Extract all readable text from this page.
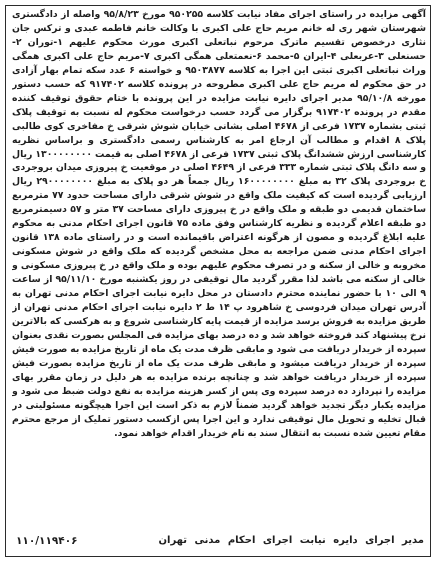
آگهی مزایده در راستای اجرای مفاد نیابت کلاسه ۹۵۰۲۵۵ مورخ ۹۵/۸/۲۳ واصله از دادگستری شهرستان شهر ری له خانم مریم حاج علی اکبری با وکالت خانم فاطمه عبدی و ترکس جان نثاری درخصوص تقسیم ماترک مرحوم نباتعلی اکبری مورث محکوم علیهم ۱-توران ۲-حسنعلی ۳-عربعلی ۴-ایران ۵-محمد ۶-نعمتعلی همگی اکبری ۷-مریم حاج علی اکبری همگی وراث نباتعلی اکبری ثبتی این اجرا به کلاسه ۹۵۰۳۸۷۷ و خواسته ۶ عدد سکه تمام بهار آزادی در حق محکوم له مریم حاج علی اکبری مطروحه در پرونده کلاسه ۹۱۷۴۰۲ که حسب دستور مورخه ۹۵/۱۰/۸ مدیر اجرای دایره نیابت مزایده در این پرونده با ختام حقوق توقیف کننده مقدم در پرونده ۹۱۷۴۰۲ برگزار می گردد حسب درخواست محکوم له نسبت به توقیف پلاک ثبتی بشماره ۱۷۳۷ فرعی از ۴۶۷۸ اصلی بشانی خیابان شوش شرقی خ مفاخری کوی طالبی پلاک ۸ اقدام و مطالب آن ارجاع امر به کارشناس رسمی دادگستری و براساس نظریه کارشناسی ارزش ششدانگ پلاک ثبتی ۱۷۳۷ فرعی از ۴۶۷۸ اصلی به قیمت ۱۳۰۰۰۰۰۰۰۰ ریال و سه دانگ پلاک ثبتی شماره ۳۳۳ فرعی از ۴۶۴۹ اصلی در موقعیت خ پیروزی میدان بروجردی خ بروجردی پلاک ۳۲ به مبلغ ۱۶۰۰۰۰۰۰۰۰ ریال جمعاً هر دو پلاک به مبلغ ۲۹۰۰۰۰۰۰۰۰ ریال ارزیابی گردیده است که کیفیت ملک واقع در شوش شرقی دارای مساحت حدود ۷۷ مترمربع ساختمان قدیمی دو طبقه و ملک واقع در خ پیروزی دارای مساحت ۳۷ متر و ۵۷ دسیمترمربع دو طبقه اعلام گردیده و نظریه کارشناس وفق ماده ۷۵ قانون اجرای احکام مدنی به محکوم علیه ابلاغ گردیده و مصون از هرگونه اعتراض باقیمانده است و در راستای ماده ۱۳۸ قانون اجرای احکام مدنی ضمن مراجعه به محل مشخص گردیده که ملک واقع در شوش مسکونی مخروبه و خالی از سکنه و در تصرف محکوم علیهم بوده و ملک واقع در خ پیروزی مسکونی و خالی از سکنه می باشد لذا مقرر گردید مال توقیفی در روز یکشنبه مورخ ۹۵/۱۱/۱۰ از ساعت ۹ الی ۱۰ با حضور نماینده محترم دادستان در محل دایره نیابت اجرای احکام مدنی تهران به آدرس تهران میدان فردوسی خ شاهرود پ ۱۴ ط ۲ دایره نیابت اجرای احکام مدنی تهران از طریق مزایده به فروش برسد مزایده از قیمت پایه کارشناسی شروع و به هرکسی که بالاترین نرخ پیشنهاد کند فروخته خواهد شد و ده درصد بهای مزایده فی المجلس بصورت نقدی بعنوان سپرده از خریدار دریافت می شود و مابقی ظرف مدت یک ماه از تاریخ مزایده به صورت فیش سپرده از خریدار دریافت میشود و مابقی ظرف مدت یک ماه از تاریخ مزایده بصورت فیش سپرده از خریدار دریافت خواهد شد و چنانچه برنده مزایده به هر دلیل در زمان مقرر بهای مزایده را نپردازد ده درصد سپرده وی پس از کسر هزینه مزایده به نفع دولت ضبط می شود و مزایده یکبار دیگر تجدید خواهد گردید ضمناً لازم به ذکر است این اجرا هیچگونه مسئولیتی در قبال تخلیه و تحویل مال توقیفی ندارد و این اجرا پس ازکسب دستور تملیک از مرجع محترم مقام تعیین شده نسبت به انتقال سند به نام خریدار اقدام خواهد نمود.
مدیر اجرای دایره نیابت اجرای احکام مدنی تهران
۱۱۰/۱۱۹۴۰۶
